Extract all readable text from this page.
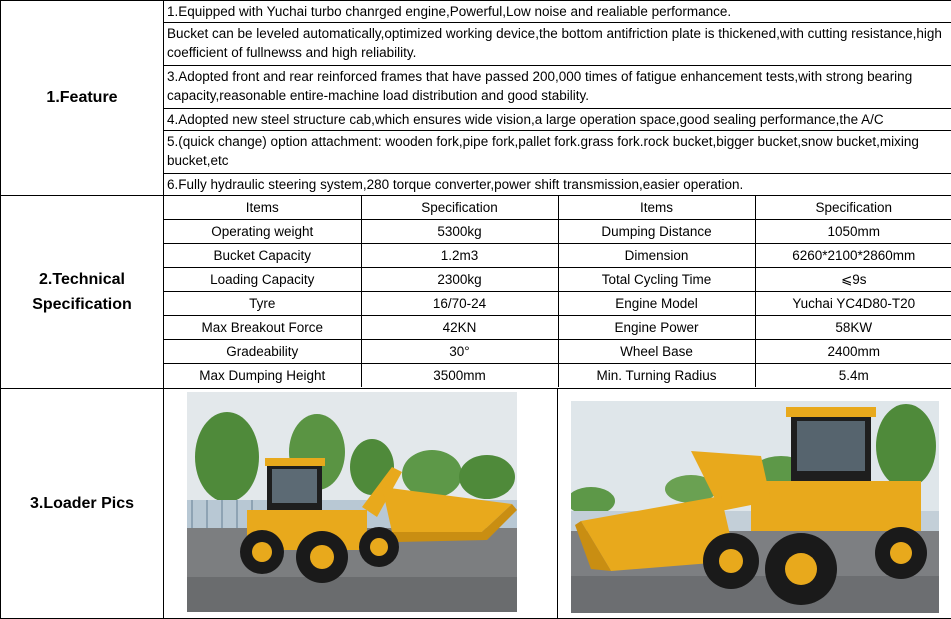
1.Feature	
1.Equipped with Yuchai turbo chanrged engine,Powerful,Low noise and realiable performance.
Bucket can be leveled automatically,optimized working device,the bottom antifriction plate is thickened,with cutting resistance,high coefficient of fullnewss and high reliability.
3.Adopted front and rear reinforced frames that have passed 200,000 times of fatigue enhancement tests,with strong bearing capacity,reasonable entire-machine load distribution and good stability.
4.Adopted new steel structure cab,which ensures wide vision,a large operation space,good sealing performance,the A/C
5.(quick change) option attachment: wooden fork,pipe fork,pallet fork.grass fork.rock bucket,bigger bucket,snow bucket,mixing bucket,etc
6.Fully hydraulic steering system,280 torque converter,power shift transmission,easier operation.

2.Technical
Specification	
Items	Specification	Items	Specification
Operating weight	5300kg	Dumping Distance	1050mm
Bucket Capacity	1.2m3	Dimension	6260*2100*2860mm
Loading Capacity	2300kg	Total Cycling Time	⩽9s
Tyre	16/70-24	Engine Model	Yuchai YC4D80-T20
Max Breakout Force	42KN	Engine Power	58KW
Gradeability	30°	Wheel Base	2400mm
Max Dumping Height	3500mm	Min. Turning Radius	5.4m

3.Loader Pics	
